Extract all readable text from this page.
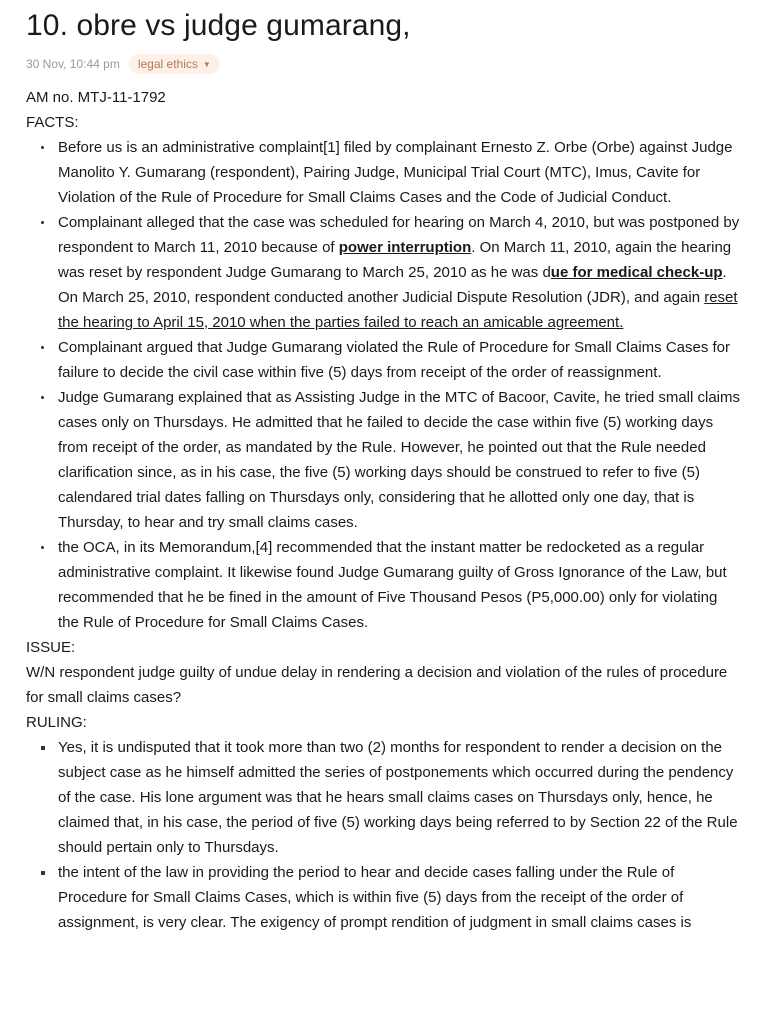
10. obre vs judge gumarang,
30 Nov, 10:44 pm legal ethics ▼
AM no. MTJ-11-1792
FACTS:
Before us is an administrative complaint[1] filed by complainant Ernesto Z. Orbe (Orbe) against Judge Manolito Y. Gumarang (respondent), Pairing Judge, Municipal Trial Court (MTC), Imus, Cavite for Violation of the Rule of Procedure for Small Claims Cases and the Code of Judicial Conduct.
Complainant alleged that the case was scheduled for hearing on March 4, 2010, but was postponed by respondent to March 11, 2010 because of power interruption. On March 11, 2010, again the hearing was reset by respondent Judge Gumarang to March 25, 2010 as he was due for medical check-up. On March 25, 2010, respondent conducted another Judicial Dispute Resolution (JDR), and again reset the hearing to April 15, 2010 when the parties failed to reach an amicable agreement.
Complainant argued that Judge Gumarang violated the Rule of Procedure for Small Claims Cases for failure to decide the civil case within five (5) days from receipt of the order of reassignment.
Judge Gumarang explained that as Assisting Judge in the MTC of Bacoor, Cavite, he tried small claims cases only on Thursdays. He admitted that he failed to decide the case within five (5) working days from receipt of the order, as mandated by the Rule. However, he pointed out that the Rule needed clarification since, as in his case, the five (5) working days should be construed to refer to five (5) calendared trial dates falling on Thursdays only, considering that he allotted only one day, that is Thursday, to hear and try small claims cases.
the OCA, in its Memorandum,[4] recommended that the instant matter be redocketed as a regular administrative complaint. It likewise found Judge Gumarang guilty of Gross Ignorance of the Law, but recommended that he be fined in the amount of Five Thousand Pesos (P5,000.00) only for violating the Rule of Procedure for Small Claims Cases.
ISSUE:
W/N respondent judge guilty of undue delay in rendering a decision and violation of the rules of procedure for small claims cases?
RULING:
Yes, it is undisputed that it took more than two (2) months for respondent to render a decision on the subject case as he himself admitted the series of postponements which occurred during the pendency of the case. His lone argument was that he hears small claims cases on Thursdays only, hence, he claimed that, in his case, the period of five (5) working days being referred to by Section 22 of the Rule should pertain only to Thursdays.
the intent of the law in providing the period to hear and decide cases falling under the Rule of Procedure for Small Claims Cases, which is within five (5) days from the receipt of the order of assignment, is very clear. The exigency of prompt rendition of judgment in small claims cases is
